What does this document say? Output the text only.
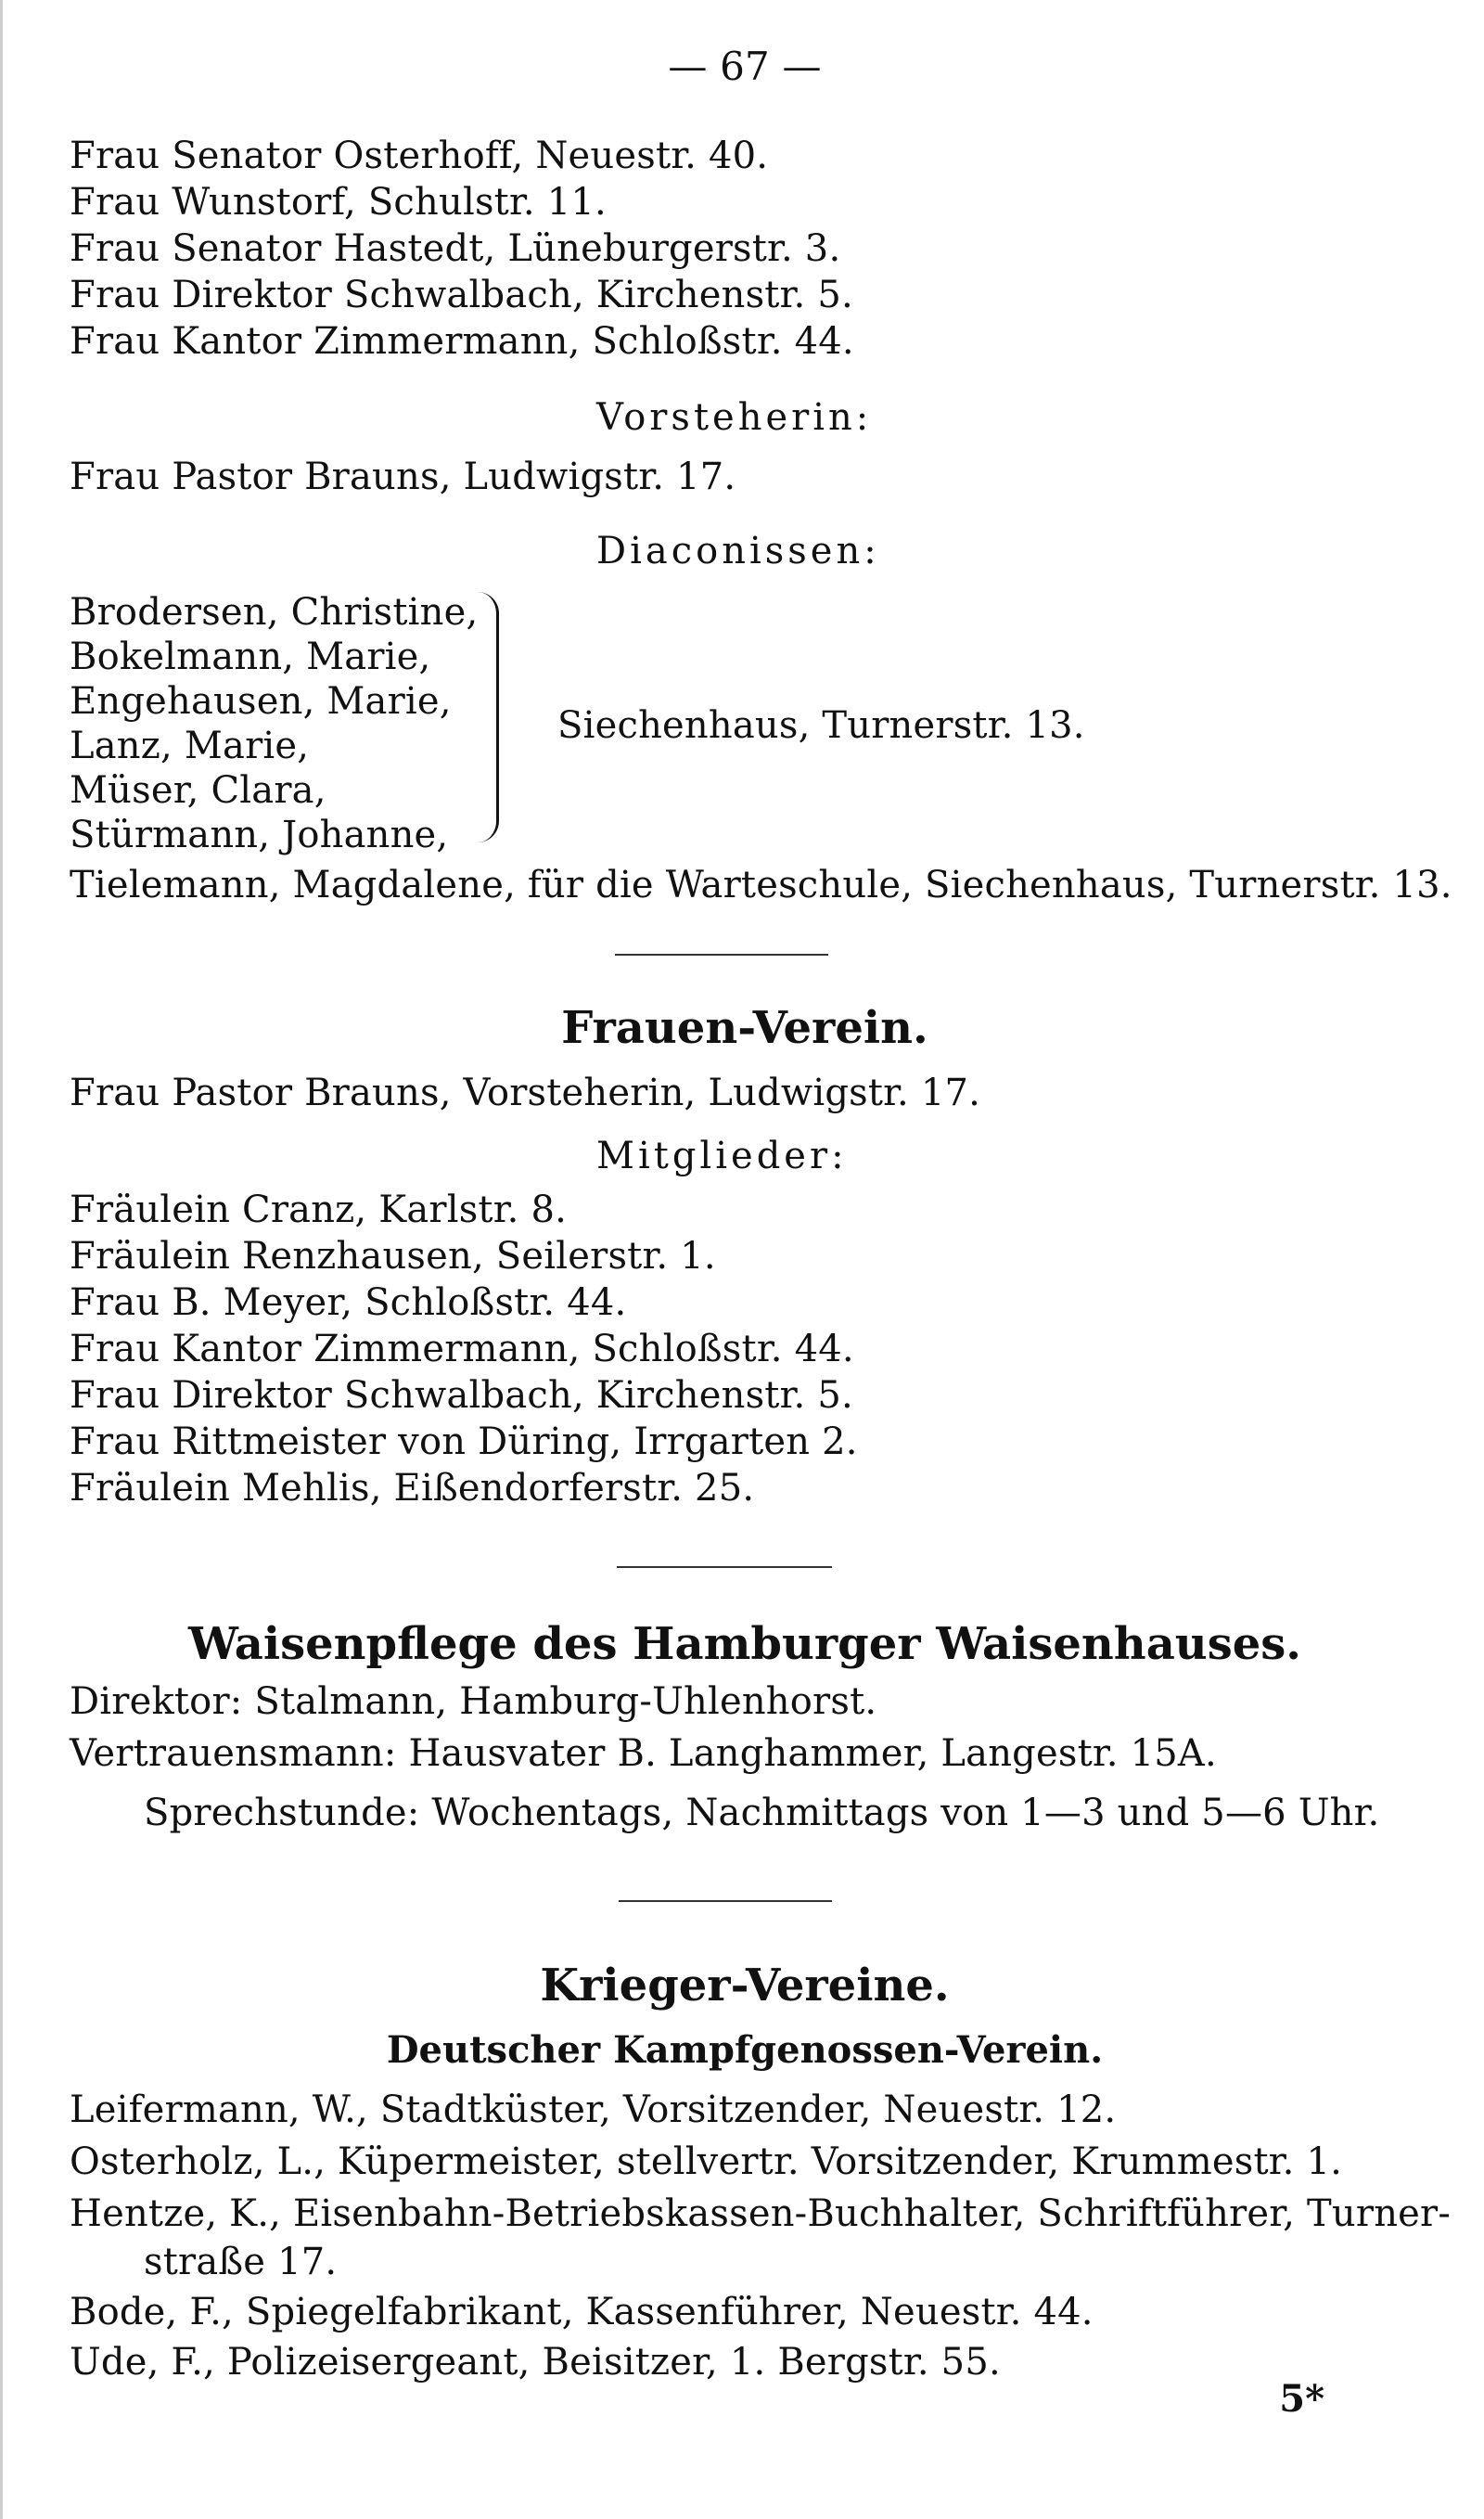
— 67 —
Frau Senator Osterhoff, Neuestr. 40.
Frau Wunstorf, Schulstr. 11.
Frau Senator Hastedt, Lüneburgerstr. 3.
Frau Direktor Schwalbach, Kirchenstr. 5.
Frau Kantor Zimmermann, Schloßstr. 44.
Vorsteherin:
Frau Pastor Brauns, Ludwigstr. 17.
Diaconissen:
Brodersen, Christine,
Bokelmann, Marie,
Engehausen, Marie,
Lanz, Marie,
Müser, Clara,
Stürmann, Johanne,
Siechenhaus, Turnerstr. 13.
Tielemann, Magdalene, für die Warteschule, Siechenhaus, Turnerstr. 13.
Frauen-Verein.
Frau Pastor Brauns, Vorsteherin, Ludwigstr. 17.
Mitglieder:
Fräulein Cranz, Karlstr. 8.
Fräulein Renzhausen, Seilerstr. 1.
Frau B. Meyer, Schloßstr. 44.
Frau Kantor Zimmermann, Schloßstr. 44.
Frau Direktor Schwalbach, Kirchenstr. 5.
Frau Rittmeister von Düring, Irrgarten 2.
Fräulein Mehlis, Eißendorferstr. 25.
Waisenpflege des Hamburger Waisenhauses.
Direktor: Stalmann, Hamburg-Uhlenhorst.
Vertrauensmann: Hausvater B. Langhammer, Langestr. 15A.
Sprechstunde: Wochentags, Nachmittags von 1—3 und 5—6 Uhr.
Krieger-Vereine.
Deutscher Kampfgenossen-Verein.
Leifermann, W., Stadtküster, Vorsitzender, Neuestr. 12.
Osterholz, L., Küpermeister, stellvertr. Vorsitzender, Krummestr. 1.
Hentze, K., Eisenbahn-Betriebskassen-Buchhalter, Schriftführer, Turner-
straße 17.
Bode, F., Spiegelfabrikant, Kassenführer, Neuestr. 44.
Ude, F., Polizeisergeant, Beisitzer, 1. Bergstr. 55.
5*
